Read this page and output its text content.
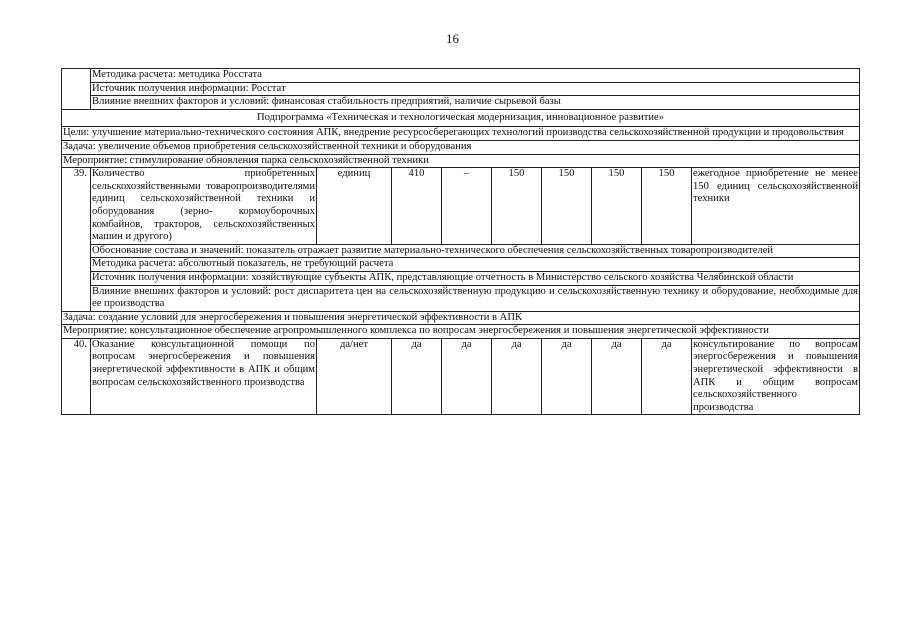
16
	Методика расчета: методика Росстата								
	Источник получения информации: Росстат								
	Влияние внешних факторов и условий: финансовая стабильность предприятий, наличие сырьевой базы								
Подпрограмма «Техническая и технологическая модернизация, инновационное развитие»									
Цели: улучшение материально-технического состояния АПК, внедрение ресурсосберегающих технологий производства сельскохозяйственной продукции и продовольствия									
Задача: увеличение объемов приобретения сельскохозяйственной техники и оборудования									
Мероприятие: стимулирование обновления парка сельскохозяйственной техники									
39.	Количество приобретенных сельскохозяйственными товаропроизводителями единиц сельскохозяйственной техники и оборудования (зерно- кормоуборочных комбайнов, тракторов, сельскохозяйственных машин и другого)	единиц	410	–	150	150	150	150	ежегодное приобретение не менее 150 единиц сельскохозяйственной техники
	Обоснование состава и значений: показатель отражает развитие материально-технического обеспечения сельскохозяйственных товаропроизводителей								
	Методика расчета: абсолютный показатель, не требующий расчета								
	Источник получения информации: хозяйствующие субъекты АПК, представляющие отчетность в Министерство сельского хозяйства Челябинской области								
	Влияние внешних факторов и условий: рост диспаритета цен на сельскохозяйственную продукцию и сельскохозяйственную технику и оборудование, необходимые для ее производства								
Задача: создание условий для энергосбережения и повышения энергетической эффективности в АПК									
Мероприятие: консультационное обеспечение агропромышленного комплекса по вопросам энергосбережения и повышения энергетической эффективности									
40.	Оказание консультационной помощи по вопросам энергосбережения и повышения энергетической эффективности в АПК и общим вопросам сельскохозяйственного производства	да/нет	да	да	да	да	да	да	консультирование по вопросам энергосбережения и повышения энергетической эффективности в АПК и общим вопросам сельскохозяйственного производства
